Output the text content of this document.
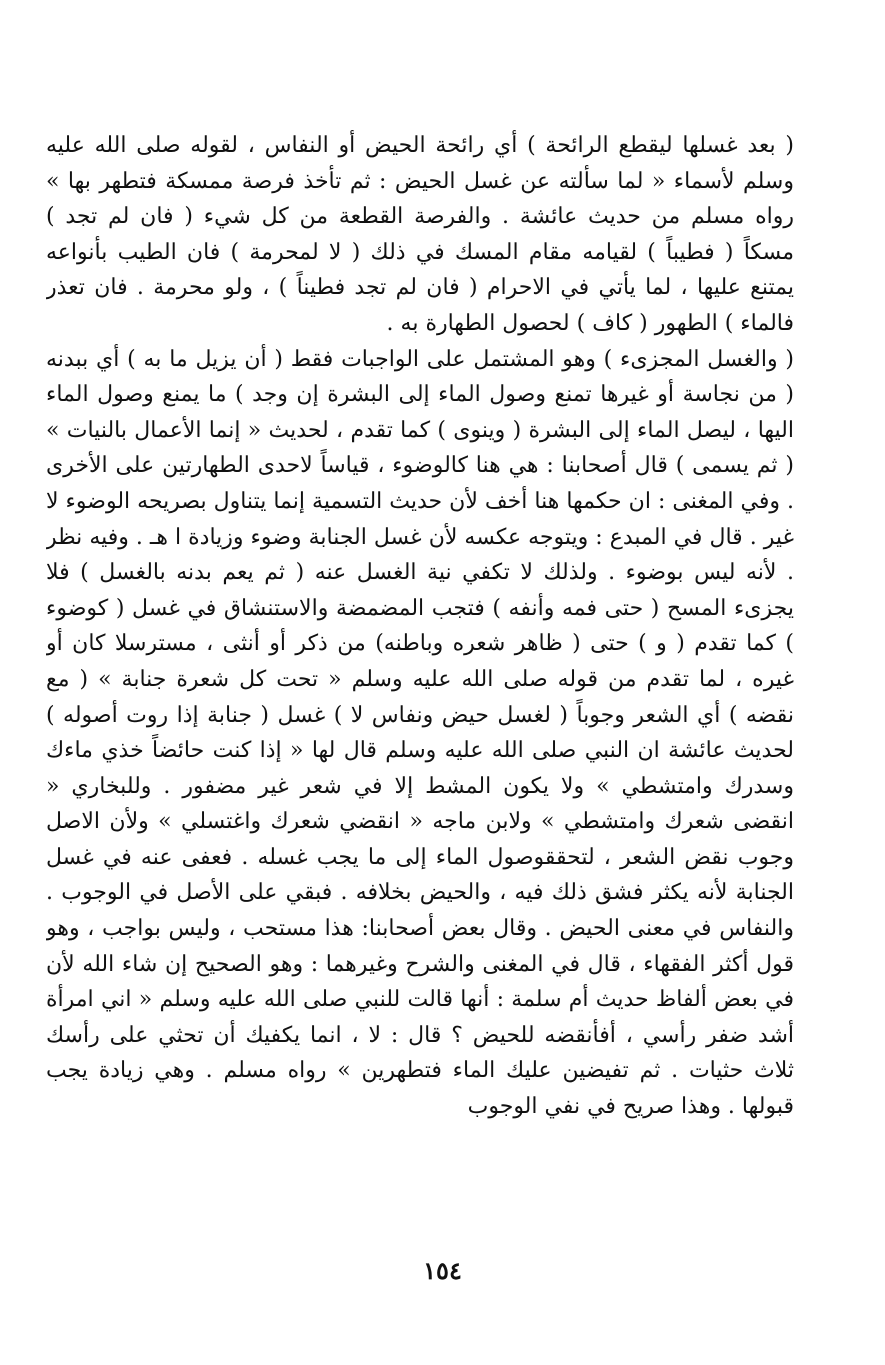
( بعد غسلها ليقطع الرائحة ) أي رائحة الحيض أو النفاس ، لقوله صلى الله عليه وسلم لأسماء « لما سألته عن غسل الحيض : ثم تأخذ فرصة ممسكة فتطهر بها » رواه مسلم من حديث عائشة . والفرصة القطعة من كل شيء ( فان لم تجد ) مسكاً ( فطيباً ) لقيامه مقام المسك في ذلك ( لا لمحرمة ) فان الطيب بأنواعه يمتنع عليها ، لما يأتي في الاحرام ( فان لم تجد فطيناً ) ، ولو محرمة . فان تعذر فالماء ) الطهور ( كاف ) لحصول الطهارة به .

( والغسل المجزىء ) وهو المشتمل على الواجبات فقط ( أن يزيل ما به ) أي ببدنه ( من نجاسة أو غيرها تمنع وصول الماء إلى البشرة إن وجد ) ما يمنع وصول الماء اليها ، ليصل الماء إلى البشرة ( وينوى ) كما تقدم ، لحديث « إنما الأعمال بالنيات » ( ثم يسمى ) قال أصحابنا : هي هنا كالوضوء ، قياساً لاحدى الطهارتين على الأخرى . وفي المغنى : ان حكمها هنا أخف لأن حديث التسمية إنما يتناول بصريحه الوضوء لا غير . قال في المبدع : ويتوجه عكسه لأن غسل الجنابة وضوء وزيادة ا هـ . وفيه نظر . لأنه ليس بوضوء . ولذلك لا تكفي نية الغسل عنه ( ثم يعم بدنه بالغسل ) فلا يجزىء المسح ( حتى فمه وأنفه ) فتجب المضمضة والاستنشاق في غسل ( كوضوء ) كما تقدم ( و ) حتى ( ظاهر شعره وباطنه) من ذكر أو أنثى ، مسترسلا كان أو غيره ، لما تقدم من قوله صلى الله عليه وسلم « تحت كل شعرة جنابة » ( مع نقضه ) أي الشعر وجوباً ( لغسل حيض ونفاس لا ) غسل ( جنابة إذا روت أصوله ) لحديث عائشة ان النبي صلى الله عليه وسلم قال لها « إذا كنت حائضاً خذي ماءك وسدرك وامتشطي » ولا يكون المشط إلا في شعر غير مضفور . وللبخاري « انقضى شعرك وامتشطي » ولابن ماجه « انقضي شعرك واغتسلي » ولأن الاصل وجوب نقض الشعر ، لتحققوصول الماء إلى ما يجب غسله . فعفى عنه في غسل الجنابة لأنه يكثر فشق ذلك فيه ، والحيض بخلافه . فبقي على الأصل في الوجوب . والنفاس في معنى الحيض . وقال بعض أصحابنا: هذا مستحب ، وليس بواجب ، وهو قول أكثر الفقهاء ، قال في المغنى والشرح وغيرهما : وهو الصحيح إن شاء الله لأن في بعض ألفاظ حديث أم سلمة : أنها قالت للنبي صلى الله عليه وسلم « اني امرأة أشد ضفر رأسي ، أفأنقضه للحيض ؟ قال : لا ، انما يكفيك أن تحثي على رأسك ثلاث حثيات . ثم تفيضين عليك الماء فتطهرين » رواه مسلم . وهي زيادة يجب قبولها . وهذا صريح في نفي الوجوب

١٥٤
